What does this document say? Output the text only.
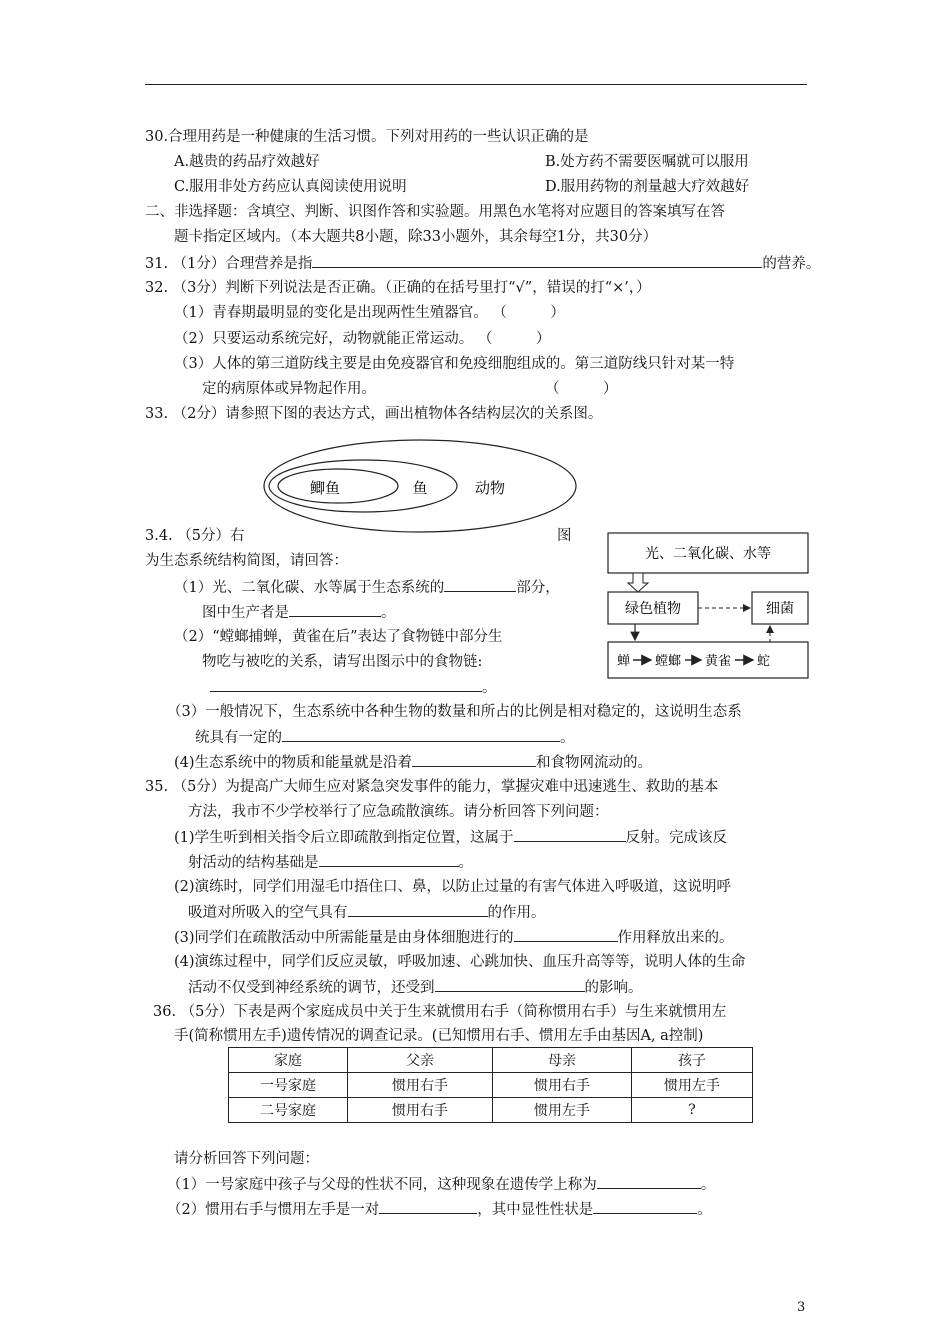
30.合理用药是一种健康的生活习惯。下列对用药的一些认识正确的是
A.越贵的药品疗效越好	B.处方药不需要医嘱就可以服用
C.服用非处方药应认真阅读使用说明	D.服用药物的剂量越大疗效越好
二、非选择题：含填空、判断、识图作答和实验题。用黑色水笔将对应题目的答案填写在答
题卡指定区域内。（本大题共8小题，除33小题外，其余每空1分，共30分）
31. （1分）合理营养是指	的营养。
32. （3分）判断下列说法是否正确。（正确的在括号里打“√”，错误的打“×’，）
（1）青春期最明显的变化是出现两性生殖器官。 （　　　）
（2）只要运动系统完好，动物就能正常运动。 （　　　）
（3）人体的第三道防线主要是由免疫器官和免疫细胞组成的。第三道防线只针对某一特
定的病原体或异物起作用。	（　　　）
33. （2分）请参照下图的表达方式，画出植物体各结构层次的关系图。
鲫鱼	鱼	动物
3.4. （5分）右	图
为生态系统结构简图，请回答：
（1）光、二氧化碳、水等属于生态系统的	部分，
图中生产者是	。
（2）“螳螂捕蝉，黄雀在后”表达了食物链中部分生
物吃与被吃的关系，请写出图示中的食物链:
。
光、二氧化碳、水等
绿色植物	细菌
蝉 螳螂 黄雀 蛇
（3）一般情况下，生态系统中各种生物的数量和所占的比例是相对稳定的，这说明生态系
统具有一定的	。
(4)生态系统中的物质和能量就是沿着	和食物网流动的。
35. （5分）为提高广大师生应对紧急突发事件的能力，掌握灾难中迅速逃生、救助的基本
方法，我市不少学校举行了应急疏散演练。请分析回答下列问题：
(1)学生听到相关指令后立即疏散到指定位置，这属于	反射。完成该反
射活动的结构基础是	。
(2)演练时，同学们用湿毛巾捂住口、鼻，以防止过量的有害气体进入呼吸道，这说明呼
吸道对所吸入的空气具有	的作用。
(3)同学们在疏散活动中所需能量是由身体细胞进行的	作用释放出来的。
(4)演练过程中，同学们反应灵敏，呼吸加速、心跳加快、血压升高等等，说明人体的生命
活动不仅受到神经系统的调节，还受到	的影响。
36. （5分）下表是两个家庭成员中关于生来就惯用右手（简称惯用右手）与生来就惯用左
手(简称惯用左手)遗传情况的调查记录。(已知惯用右手、惯用左手由基因A, a控制)
家庭	父亲	母亲	孩子
一号家庭	惯用右手	惯用右手	惯用左手
二号家庭	惯用右手	惯用左手	?
请分析回答下列问题：
（1）一号家庭中孩子与父母的性状不同，这种现象在遗传学上称为	。
（2）惯用右手与惯用左手是一对	，其中显性性状是	。
3
